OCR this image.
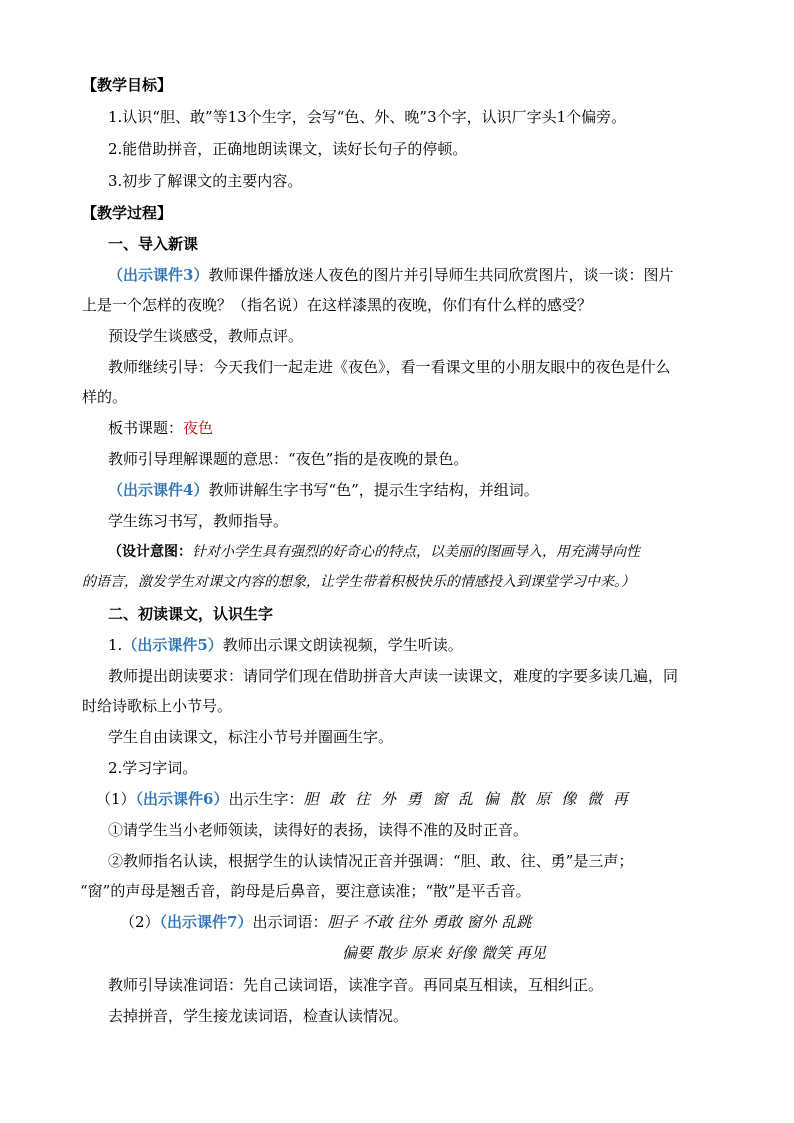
【教学目标】
1.认识“胆、敢”等13个生字，会写“色、外、晚”3个字，认识厂字头1个偏旁。
2.能借助拼音，正确地朗读课文，读好长句子的停顿。
3.初步了解课文的主要内容。
【教学过程】
一、导入新课
（出示课件3）教师课件播放迷人夜色的图片并引导师生共同欣赏图片，谈一谈：图片
上是一个怎样的夜晚？（指名说）在这样漆黑的夜晚，你们有什么样的感受？
预设学生谈感受，教师点评。
教师继续引导：今天我们一起走进《夜色》，看一看课文里的小朋友眼中的夜色是什么
样的。
板书课题：夜色
教师引导理解课题的意思：“夜色”指的是夜晚的景色。
（出示课件4）教师讲解生字书写“色”，提示生字结构，并组词。
学生练习书写，教师指导。
（设计意图：针对小学生具有强烈的好奇心的特点，以美丽的图画导入，用充满导向性
的语言，激发学生对课文内容的想象，让学生带着积极快乐的情感投入到课堂学习中来。）
二、初读课文，认识生字
1.（出示课件5）教师出示课文朗读视频，学生听读。
教师提出朗读要求：请同学们现在借助拼音大声读一读课文，难度的字要多读几遍，同
时给诗歌标上小节号。
学生自由读课文，标注小节号并圈画生字。
2.学习字词。
（1）（出示课件6）出示生字：胆 敢 往 外 勇 窗 乱 偏 散 原 像 微 再
①请学生当小老师领读，读得好的表扬，读得不准的及时正音。
②教师指名认读，根据学生的认读情况正音并强调：“胆、敢、往、勇”是三声；
“窗”的声母是翘舌音，韵母是后鼻音，要注意读准；“散”是平舌音。
（2）（出示课件7）出示词语：胆子 不敢 往外 勇敢 窗外 乱跳
偏要 散步 原来 好像 微笑 再见
教师引导读准词语：先自己读词语，读准字音。再同桌互相读，互相纠正。
去掉拼音，学生接龙读词语，检查认读情况。
